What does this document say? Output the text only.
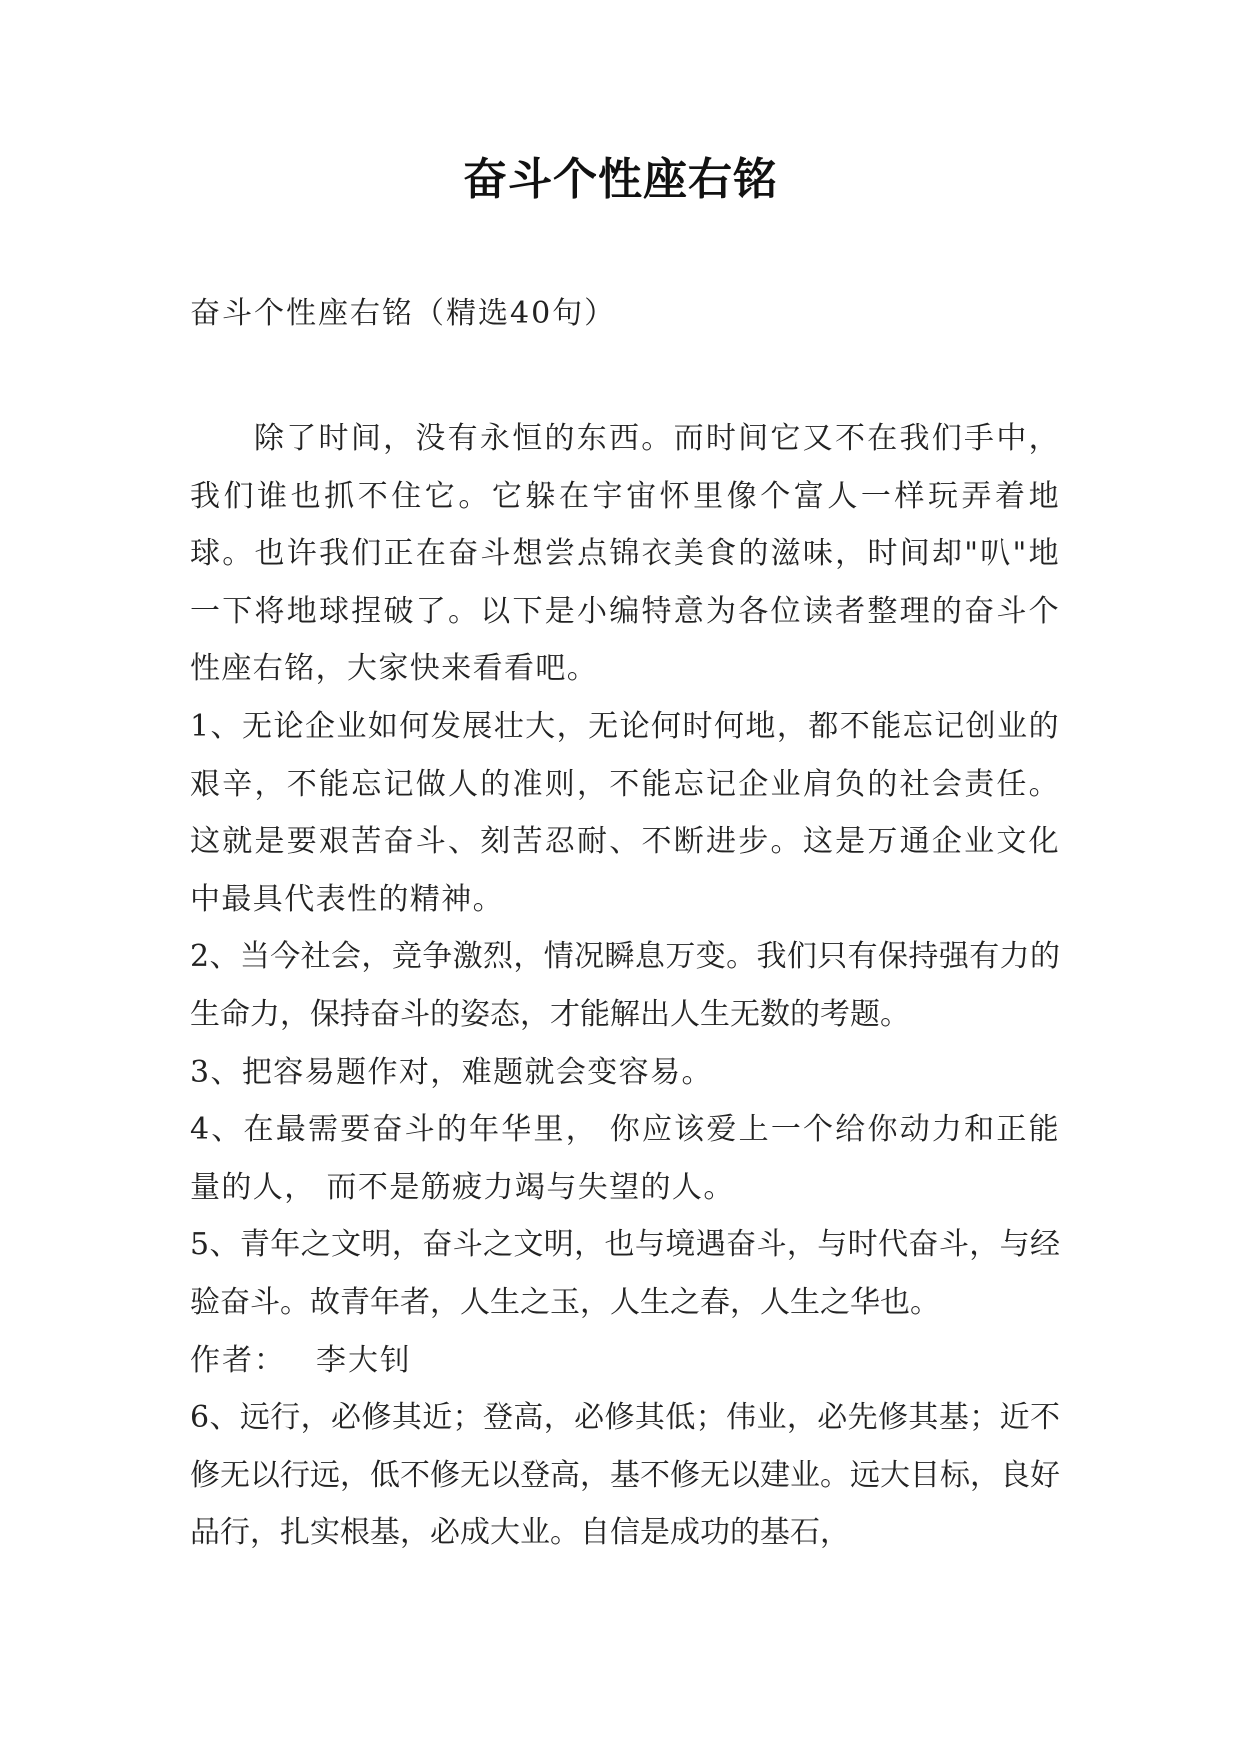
奋斗个性座右铭
奋斗个性座右铭（精选40句）

除了时间，没有永恒的东西。而时间它又不在我们手中，我们谁也抓不住它。它躲在宇宙怀里像个富人一样玩弄着地球。也许我们正在奋斗想尝点锦衣美食的滋味，时间却"叭"地一下将地球捏破了。以下是小编特意为各位读者整理的奋斗个性座右铭，大家快来看看吧。

1、无论企业如何发展壮大，无论何时何地，都不能忘记创业的艰辛，不能忘记做人的准则，不能忘记企业肩负的社会责任。这就是要艰苦奋斗、刻苦忍耐、不断进步。这是万通企业文化中最具代表性的精神。

2、当今社会，竞争激烈，情况瞬息万变。我们只有保持强有力的生命力，保持奋斗的姿态，才能解出人生无数的考题。

3、把容易题作对，难题就会变容易。

4、在最需要奋斗的年华里， 你应该爱上一个给你动力和正能量的人， 而不是筋疲力竭与失望的人。

5、青年之文明，奋斗之文明，也与境遇奋斗，与时代奋斗，与经验奋斗。故青年者，人生之玉，人生之春，人生之华也。

作者： 李大钊

6、远行，必修其近；登高，必修其低；伟业，必先修其基；近不修无以行远，低不修无以登高，基不修无以建业。远大目标，良好品行，扎实根基，必成大业。自信是成功的基石，
